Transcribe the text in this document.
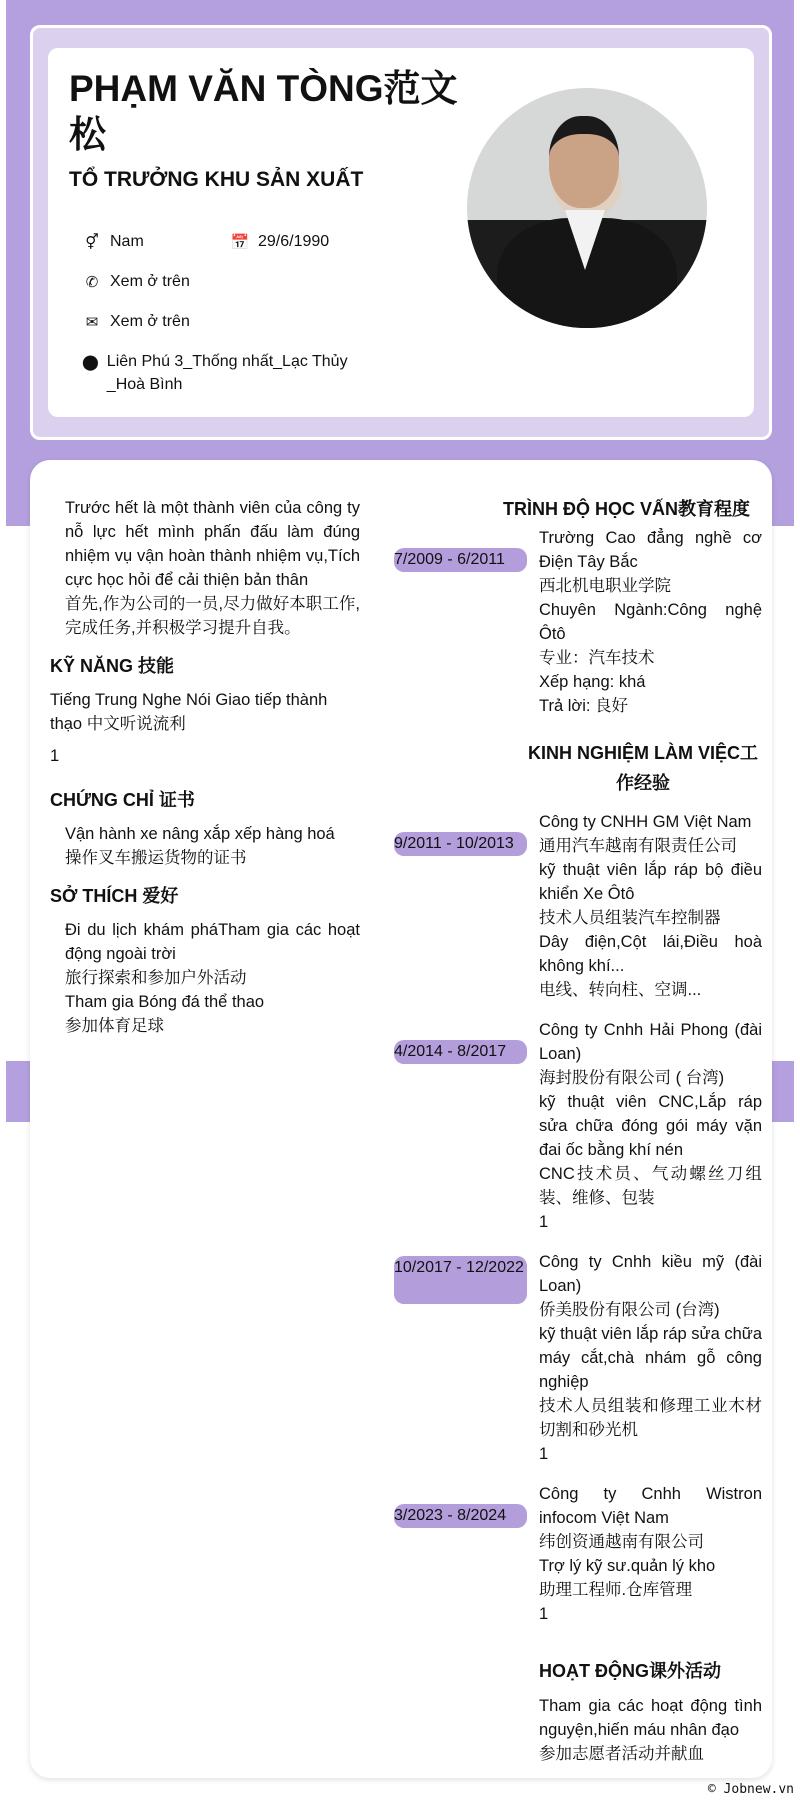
PHẠM VĂN TÒNG范文松
TỔ TRƯỞNG KHU SẢN XUẤT
⚥ Nam	📅 29/6/1990
✆ Xem ở trên
✉ Xem ở trên
⬤ Liên Phú 3_Thống nhất_Lạc Thủy _Hoà Bình

Trước hết là một thành viên của công ty nỗ lực hết mình phấn đấu làm đúng nhiệm vụ vận hoàn thành nhiệm vụ,Tích cực học hỏi để cải thiện bản thân
首先,作为公司的一员,尽力做好本职工作,完成任务,并积极学习提升自我。

KỸ NĂNG 技能
Tiếng Trung Nghe Nói Giao tiếp thành thạo 中文听说流利
1
CHỨNG CHỈ 证书

Vận hành xe nâng xắp xếp hàng hoá
操作叉车搬运货物的证书

SỞ THÍCH 爱好

Đi du lịch khám pháTham gia các hoạt động ngoài trời
旅行探索和参加户外活动
Tham gia Bóng đá thể thao
参加体育足球

TRÌNH ĐỘ HỌC VẤN教育程度
7/2009 - 6/2011
Trường Cao đẳng nghề cơ Điện Tây Bắc
西北机电职业学院
Chuyên Ngành:Công nghệ Ôtô
专业：汽车技术
Xếp hạng: khá
Trả lời: 良好
KINH NGHIỆM LÀM VIỆC工作经验
9/2011 - 10/2013
Công ty CNHH GM Việt Nam
通用汽车越南有限责任公司
kỹ thuật viên lắp ráp bộ điều khiển Xe Ôtô
技术人员组装汽车控制器
Dây điện,Cột lái,Điều hoà không khí...
电线、转向柱、空调...
4/2014 - 8/2017
Công ty Cnhh Hải Phong (đài Loan)
海封股份有限公司 ( 台湾)
kỹ thuật viên CNC,Lắp ráp sửa chữa đóng gói máy vặn đai ốc bằng khí nén
CNC技术员、气动螺丝刀组装、维修、包装
1
10/2017 - 12/2022 Công ty Cnhh kiều mỹ (đài Loan)
侨美股份有限公司 (台湾)
kỹ thuật viên lắp ráp sửa chữa máy cắt,chà nhám gỗ công nghiệp
技术人员组装和修理工业木材切割和砂光机
1
3/2023 - 8/2024
Công ty Cnhh Wistron infocom Việt Nam
纬创资通越南有限公司
Trợ lý kỹ sư.quản lý kho
助理工程师.仓库管理
1
HOẠT ĐỘNG课外活动
Tham gia các hoạt động tình nguyện,hiến máu nhân đạo
参加志愿者活动并献血
© Jobnew.vn
